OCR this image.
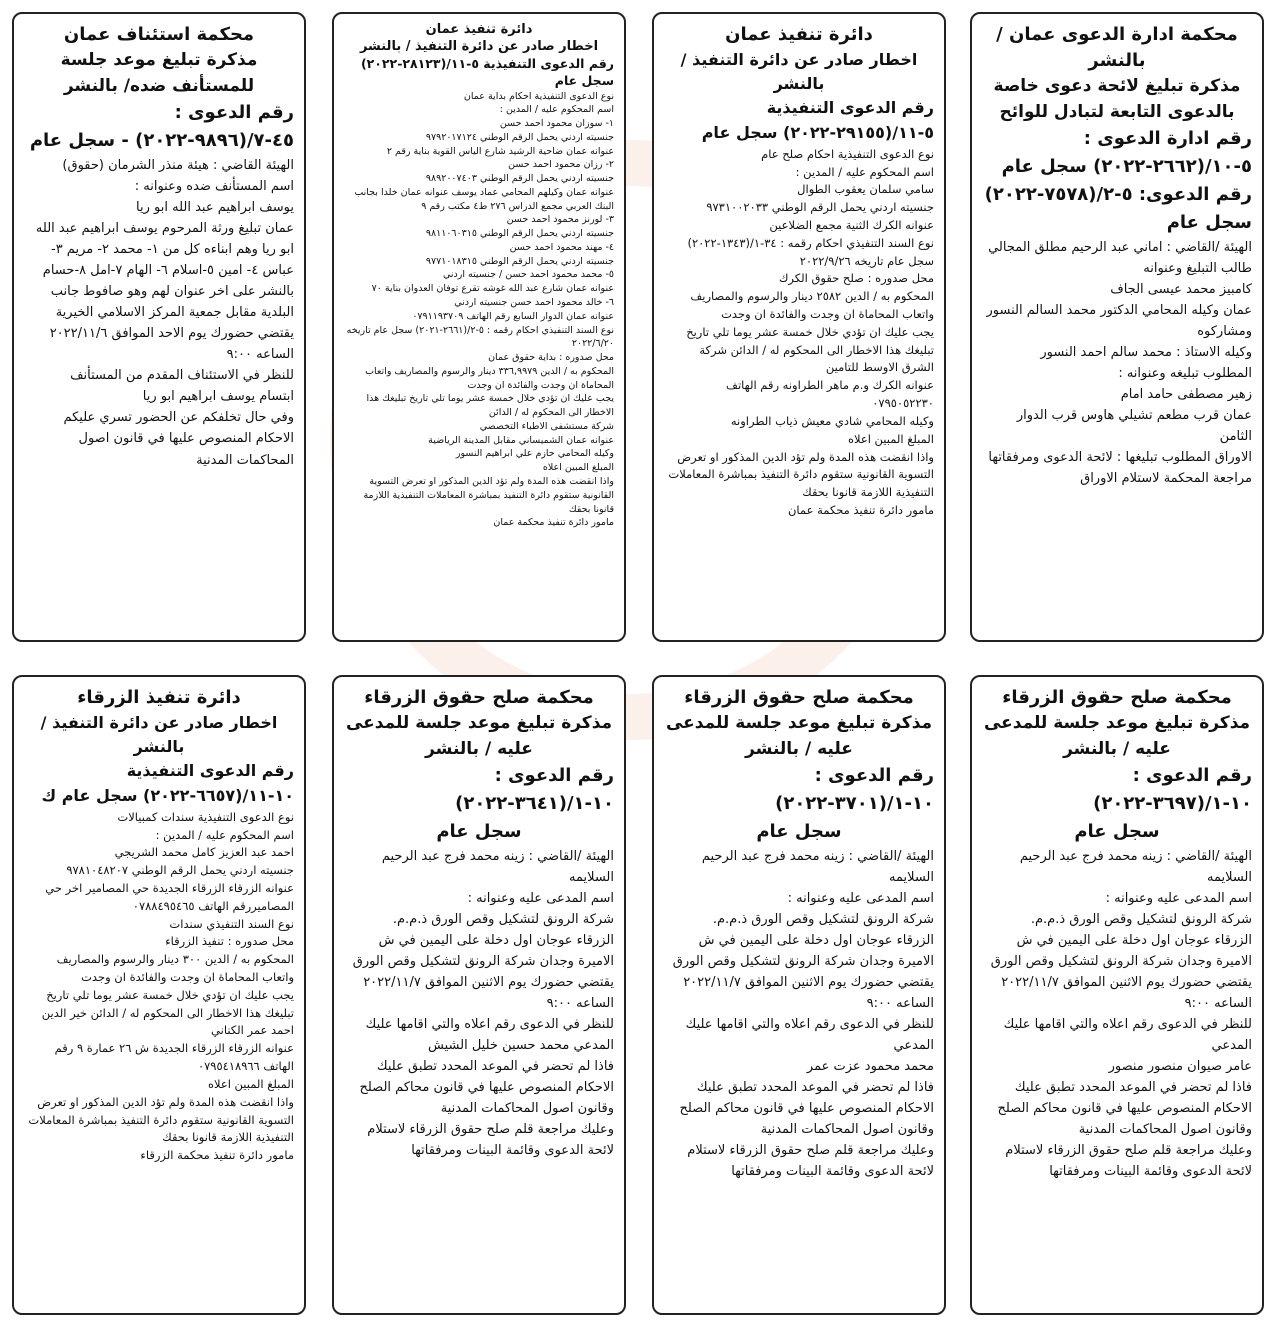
محكمة ادارة الدعوى عمان /بالنشر
مذكرة تبليغ لائحة دعوى خاصة بالدعوى التابعة لتبادل للوائح
رقم ادارة الدعوى : ٥-١٠/(٢٦٦٢-٢٠٢٢) سجل عام
رقم الدعوى: ٥-٢/(٧٥٧٨-٢٠٢٢) سجل عام

الهيئة /القاضي : اماني عبد الرحيم مطلق المجالي

طالب التبليغ وعنوانه

كامبيز محمد عيسى الجاف

عمان وكيله المحامي الدكتور محمد السالم النسور ومشاركوه

وكيله الاستاذ : محمد سالم احمد النسور

المطلوب تبليغه وعنوانه :

زهير مصطفى حامد امام

عمان قرب مطعم تشيلي هاوس قرب الدوار الثامن

الاوراق المطلوب تبليغها : لائحة الدعوى ومرفقاتها مراجعة المحكمة لاستلام الاوراق

دائرة تنفيذ عمان
اخطار صادر عن دائرة التنفيذ / بالنشر
رقم الدعوى التنفيذية ٥-١١/(٢٩١٥٥-٢٠٢٢) سجل عام

نوع الدعوى التنفيذية احكام صلح عام

اسم المحكوم عليه / المدين :

سامي سلمان يعقوب الطوال

جنسيته اردني يحمل الرقم الوطني ٩٧٣١٠٠٢٠٣٣

عنوانه الكرك الثنية مجمع الضلاعين

نوع السند التنفيذي احكام رقمه : ٣٤-١/(١٣٤٣-٢٠٢٢) سجل عام تاريخه ٢٠٢٢/٩/٢٦

محل صدوره : صلح حقوق الكرك

المحكوم به / الدين ٢٥٨٢ دينار والرسوم والمصاريف واتعاب المحاماة ان وجدت والفائدة ان وجدت

يجب عليك ان تؤدي خلال خمسة عشر يوما تلي تاريخ تبليغك هذا الاخطار الى المحكوم له / الدائن شركة الشرق الاوسط للتامين

عنوانه الكرك و.م ماهر الطراونه رقم الهاتف ٠٧٩٥٠٥٢٢٣٠

وكيله المحامي شادي معيش ذياب الطراونه

المبلغ المبين اعلاه

واذا انقضت هذه المدة ولم تؤد الدين المذكور او تعرض التسوية القانونية ستقوم دائرة التنفيذ بمباشرة المعاملات التنفيذية اللازمة قانونا بحقك

مامور دائرة تنفيذ محكمة عمان

دائرة تنفيذ عمان
اخطار صادر عن دائرة التنفيذ / بالنشر
رقم الدعوى التنفيذية ٥-١١/(٢٨١٢٣-٢٠٢٢) سجل عام

نوع الدعوى التنفيذية احكام بداية عمان

اسم المحكوم عليه / المدين :

١- سوزان محمود احمد حسن

جنسيته اردني يحمل الرقم الوطني ٩٧٩٢٠١٧١٢٤

عنوانه عمان ضاحية الرشيد شارع الياس القوية بناية رقم ٢

٢- رزان محمود احمد حسن

جنسيته اردني يحمل الرقم الوطني ٩٨٩٢٠٠٧٤٠٣

عنوانه عمان وكيلهم المحامي عماد يوسف عنوانه عمان خلدا بجانب البنك العربي مجمع الدراس ٢٧٦ ط٤ مكتب رقم ٩

٣- لورنز محمود احمد حسن

جنسيته اردني يحمل الرقم الوطني ٩٨١١٠٦٠٣١٥

٤- مهند محمود احمد حسن

جنسيته اردني يحمل الرقم الوطني ٩٧٧١٠١٨٣١٥

٥- محمد محمود احمد حسن / جنسيته اردني

عنوانه عمان شارع عبد الله غوشه تقرع توفان العدوان بناية ٧٠

٦- خالد محمود احمد حسن جنسيته اردني

عنوانه عمان الدوار السابع رقم الهاتف ٠٧٩١١٩٣٧٠٩

نوع السند التنفيذي احكام رقمه : ٥-٢/(٢٦٦١-٢٠٢١) سجل عام تاريخه ٢٠٢٢/٦/٢٠

محل صدوره : بداية حقوق عمان

المحكوم به / الدين ٣٣٦,٩٩٧٩ دينار والرسوم والمصاريف واتعاب المحاماة ان وجدت والفائدة ان وجدت

يجب عليك ان تؤدي خلال خمسة عشر يوما تلي تاريخ تبليغك هذا الاخطار الى المحكوم له / الدائن

شركة مستشفى الاطباء التخصصي

عنوانه عمان الشميساني مقابل المدينة الرياضية

وكيله المحامي حازم علي ابراهيم النسور

المبلغ المبين اعلاه

واذا انقضت هذه المدة ولم تؤد الدين المذكور او تعرض التسوية القانونية ستقوم دائرة التنفيذ بمباشرة المعاملات التنفيذية اللازمة قانونا بحقك

مامور دائرة تنفيذ محكمة عمان

محكمة استئناف عمان
مذكرة تبليغ موعد جلسة للمستأنف ضده/ بالنشر
رقم الدعوى : ٤٥-٧/(٩٨٩٦-٢٠٢٢) - سجل عام

الهيئة القاضي : هيئة منذر الشرمان (حقوق)

اسم المستأنف ضده وعنوانه :

يوسف ابراهيم عبد الله ابو ريا

عمان تبليغ ورثة المرحوم يوسف ابراهيم عبد الله ابو ريا وهم ابناءه كل من ١- محمد ٢- مريم ٣- عباس ٤- امين ٥-اسلام ٦- الهام ٧-امل ٨-حسام بالنشر على اخر عنوان لهم وهو صافوط جانب البلدية مقابل جمعية المركز الاسلامي الخيرية

يقتضي حضورك يوم الاحد الموافق ٢٠٢٢/١١/٦ الساعه ٩:٠٠

للنظر في الاستئناف المقدم من المستأنف

ابتسام يوسف ابراهيم ابو ريا

وفي حال تخلفكم عن الحضور تسري عليكم الاحكام المنصوص عليها في قانون اصول المحاكمات المدنية

محكمة صلح حقوق الزرقاء
مذكرة تبليغ موعد جلسة للمدعى عليه / بالنشر
رقم الدعوى : ١٠-١/(٣٦٩٧-٢٠٢٢)
سجل عام

الهيئة /القاضي : زينه محمد فرج عبد الرحيم السلايمه

اسم المدعى عليه وعنوانه :

شركة الرونق لتشكيل وقص الورق ذ.م.م.

الزرقاء عوجان اول دخلة على اليمين في ش الاميرة وجدان شركة الرونق لتشكيل وقص الورق

يقتضي حضورك يوم الاثنين الموافق ٢٠٢٢/١١/٧ الساعه ٩:٠٠

للنظر في الدعوى رقم اعلاه والتي اقامها عليك المدعي

عامر صيوان منصور منصور

فاذا لم تحضر في الموعد المحدد تطبق عليك الاحكام المنصوص عليها في قانون محاكم الصلح وقانون اصول المحاكمات المدنية

وعليك مراجعة قلم صلح حقوق الزرقاء لاستلام لائحة الدعوى وقائمة البينات ومرفقاتها

محكمة صلح حقوق الزرقاء
مذكرة تبليغ موعد جلسة للمدعى عليه / بالنشر
رقم الدعوى : ١٠-١/(٣٧٠١-٢٠٢٢)
سجل عام

الهيئة /القاضي : زينه محمد فرج عبد الرحيم السلايمه

اسم المدعى عليه وعنوانه :

شركة الرونق لتشكيل وقص الورق ذ.م.م.

الزرقاء عوجان اول دخلة على اليمين في ش الاميرة وجدان شركة الرونق لتشكيل وقص الورق

يقتضي حضورك يوم الاثنين الموافق ٢٠٢٢/١١/٧ الساعه ٩:٠٠

للنظر في الدعوى رقم اعلاه والتي اقامها عليك المدعي

محمد محمود عزت عمر

فاذا لم تحضر في الموعد المحدد تطبق عليك الاحكام المنصوص عليها في قانون محاكم الصلح وقانون اصول المحاكمات المدنية

وعليك مراجعة قلم صلح حقوق الزرقاء لاستلام لائحة الدعوى وقائمة البينات ومرفقاتها

محكمة صلح حقوق الزرقاء
مذكرة تبليغ موعد جلسة للمدعى عليه / بالنشر
رقم الدعوى : ١٠-١/(٣٦٤١-٢٠٢٢)
سجل عام

الهيئة /القاضي : زينه محمد فرج عبد الرحيم السلايمه

اسم المدعى عليه وعنوانه :

شركة الرونق لتشكيل وقص الورق ذ.م.م.

الزرقاء عوجان اول دخلة على اليمين في ش الاميرة وجدان شركة الرونق لتشكيل وقص الورق

يقتضي حضورك يوم الاثنين الموافق ٢٠٢٢/١١/٧ الساعه ٩:٠٠

للنظر في الدعوى رقم اعلاه والتي اقامها عليك المدعي محمد حسين خليل الشيش

فاذا لم تحضر في الموعد المحدد تطبق عليك الاحكام المنصوص عليها في قانون محاكم الصلح وقانون اصول المحاكمات المدنية

وعليك مراجعة قلم صلح حقوق الزرقاء لاستلام لائحة الدعوى وقائمة البينات ومرفقاتها

دائرة تنفيذ الزرقاء
اخطار صادر عن دائرة التنفيذ / بالنشر
رقم الدعوى التنفيذية ١٠-١١/(٦٦٥٧-٢٠٢٢) سجل عام ك

نوع الدعوى التنفيذية سندات كمبيالات

اسم المحكوم عليه / المدين :

احمد عبد العزيز كامل محمد الشريجي

جنسيته اردني يحمل الرقم الوطني ٩٧٨١٠٤٨٢٠٧

عنوانه الزرقاء الزرقاء الجديدة حي المصامير اخر حي المصاميررقم الهاتف ٠٧٨٨٤٩٥٤٦٥

نوع السند التنفيذي سندات

محل صدوره : تنفيذ الزرقاء

المحكوم به / الدين ٣٠٠ دينار والرسوم والمصاريف واتعاب المحاماة ان وجدت والفائدة ان وجدت

يجب عليك ان تؤدي خلال خمسة عشر يوما تلي تاريخ تبليغك هذا الاخطار الى المحكوم له / الدائن خير الدين احمد عمر الكناني

عنوانه الزرقاء الزرقاء الجديدة ش ٢٦ عمارة ٩ رقم الهاتف ٠٧٩٥٤١٨٩٦٦

المبلغ المبين اعلاه

واذا انقضت هذه المدة ولم تؤد الدين المذكور او تعرض التسوية القانونية ستقوم دائرة التنفيذ بمباشرة المعاملات التنفيذية اللازمة قانونا بحقك

مامور دائرة تنفيذ محكمة الزرقاء
